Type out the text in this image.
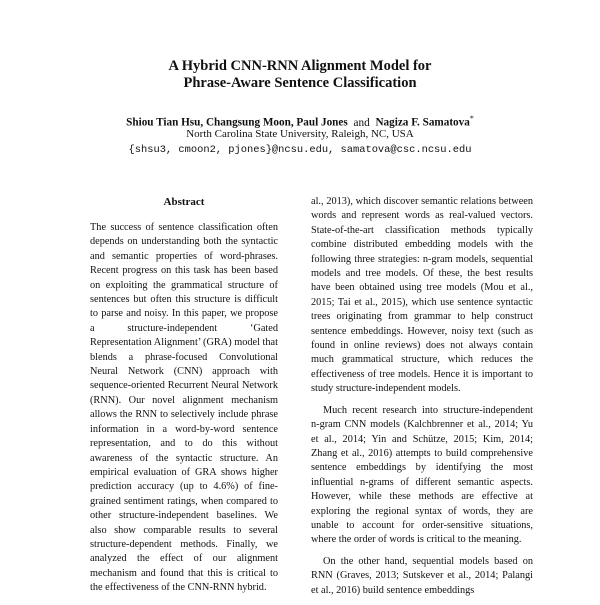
A Hybrid CNN-RNN Alignment Model for
Phrase-Aware Sentence Classification
Shiou Tian Hsu, Changsung Moon, Paul Jones and Nagiza F. Samatova*
North Carolina State University, Raleigh, NC, USA
{shsu3, cmoon2, pjones}@ncsu.edu, samatova@csc.ncsu.edu
Abstract

The success of sentence classification often depends on understanding both the syntactic and semantic properties of word-phrases. Recent progress on this task has been based on exploiting the grammatical structure of sentences but often this structure is difficult to parse and noisy. In this paper, we propose a structure-independent ‘Gated Representation Alignment’ (GRA) model that blends a phrase-focused Convolutional Neural Network (CNN) approach with sequence-oriented Recurrent Neural Network (RNN). Our novel alignment mechanism allows the RNN to selectively include phrase information in a word-by-word sentence representation, and to do this without awareness of the syntactic structure. An empirical evaluation of GRA shows higher prediction accuracy (up to 4.6%) of fine-grained sentiment ratings, when compared to other structure-independent baselines. We also show comparable results to several structure-dependent methods. Finally, we analyzed the effect of our alignment mechanism and found that this is critical to the effectiveness of the CNN-RNN hybrid.

al., 2013), which discover semantic relations between words and represent words as real-valued vectors. State-of-the-art classification methods typically combine distributed embedding models with the following three strategies: n-gram models, sequential models and tree models. Of these, the best results have been obtained using tree models (Mou et al., 2015; Tai et al., 2015), which use sentence syntactic trees originating from grammar to help construct sentence embeddings. However, noisy text (such as found in online reviews) does not always contain much grammatical structure, which reduces the effectiveness of tree models. Hence it is important to study structure-independent models.

Much recent research into structure-independent n-gram CNN models (Kalchbrenner et al., 2014; Yu et al., 2014; Yin and Schütze, 2015; Kim, 2014; Zhang et al., 2016) attempts to build comprehensive sentence embeddings by identifying the most influential n-grams of different semantic aspects. However, while these methods are effective at exploring the regional syntax of words, they are unable to account for order-sensitive situations, where the order of words is critical to the meaning.

On the other hand, sequential models based on RNN (Graves, 2013; Sutskever et al., 2014; Palangi et al., 2016) build sentence embeddings
